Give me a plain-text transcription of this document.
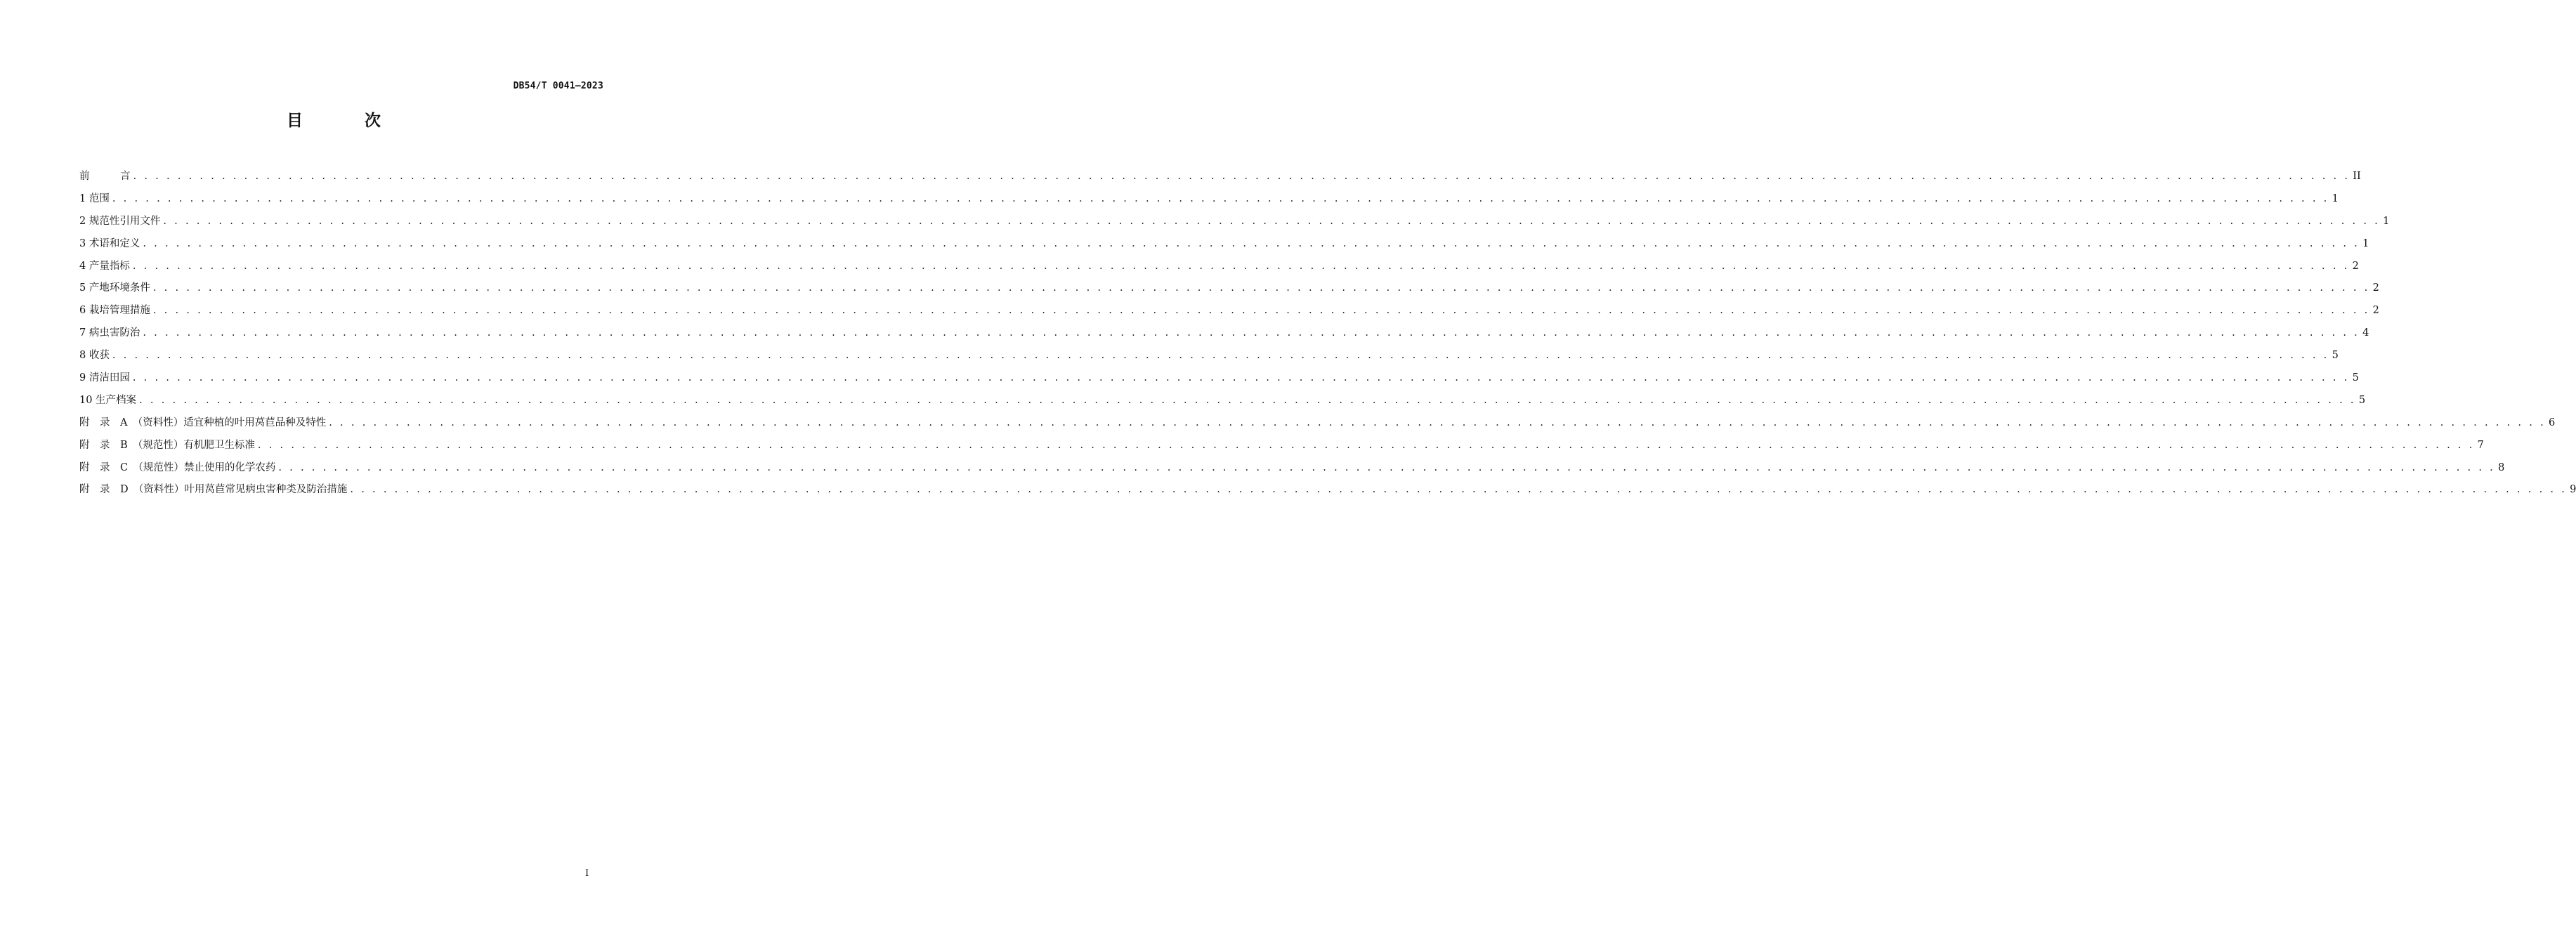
DB54/T 0041—2023
目 次
前　　　言 . . . . . . . . . . . . . . . . . . . . . . . . . . . . . . . . . . . . . . . . . . . . . . . . . . . . . . . . . . . . . . . . . . . . . . . . . . . . . . . . . . . . . . . . . . . . . . . . . . . . . . . . . . . . . . . . . . . . . . . . . . . . . . . . . . . . . . . . . . . . . . . . . . . . . . . . . . . . . . . . . . . . . . . . . . . . . . . . . . . . . . . . . . . . . . . . . . . . . . . . II
1 范围 . . . . . . . . . . . . . . . . . . . . . . . . . . . . . . . . . . . . . . . . . . . . . . . . . . . . . . . . . . . . . . . . . . . . . . . . . . . . . . . . . . . . . . . . . . . . . . . . . . . . . . . . . . . . . . . . . . . . . . . . . . . . . . . . . . . . . . . . . . . . . . . . . . . . . . . . . . . . . . . . . . . . . . . . . . . . . . . . . . . . . . . . . . . . . . . . . . . . . . . . 1
2 规范性引用文件 . . . . . . . . . . . . . . . . . . . . . . . . . . . . . . . . . . . . . . . . . . . . . . . . . . . . . . . . . . . . . . . . . . . . . . . . . . . . . . . . . . . . . . . . . . . . . . . . . . . . . . . . . . . . . . . . . . . . . . . . . . . . . . . . . . . . . . . . . . . . . . . . . . . . . . . . . . . . . . . . . . . . . . . . . . . . . . . . . . . . . . . . . . . . . . . . . . . . . . . . 1
3 术语和定义 . . . . . . . . . . . . . . . . . . . . . . . . . . . . . . . . . . . . . . . . . . . . . . . . . . . . . . . . . . . . . . . . . . . . . . . . . . . . . . . . . . . . . . . . . . . . . . . . . . . . . . . . . . . . . . . . . . . . . . . . . . . . . . . . . . . . . . . . . . . . . . . . . . . . . . . . . . . . . . . . . . . . . . . . . . . . . . . . . . . . . . . . . . . . . . . . . . . . . . . . 1
4 产量指标 . . . . . . . . . . . . . . . . . . . . . . . . . . . . . . . . . . . . . . . . . . . . . . . . . . . . . . . . . . . . . . . . . . . . . . . . . . . . . . . . . . . . . . . . . . . . . . . . . . . . . . . . . . . . . . . . . . . . . . . . . . . . . . . . . . . . . . . . . . . . . . . . . . . . . . . . . . . . . . . . . . . . . . . . . . . . . . . . . . . . . . . . . . . . . . . . . . . . . . . . 2
5 产地环境条件 . . . . . . . . . . . . . . . . . . . . . . . . . . . . . . . . . . . . . . . . . . . . . . . . . . . . . . . . . . . . . . . . . . . . . . . . . . . . . . . . . . . . . . . . . . . . . . . . . . . . . . . . . . . . . . . . . . . . . . . . . . . . . . . . . . . . . . . . . . . . . . . . . . . . . . . . . . . . . . . . . . . . . . . . . . . . . . . . . . . . . . . . . . . . . . . . . . . . . . . . 2
6 栽培管理措施 . . . . . . . . . . . . . . . . . . . . . . . . . . . . . . . . . . . . . . . . . . . . . . . . . . . . . . . . . . . . . . . . . . . . . . . . . . . . . . . . . . . . . . . . . . . . . . . . . . . . . . . . . . . . . . . . . . . . . . . . . . . . . . . . . . . . . . . . . . . . . . . . . . . . . . . . . . . . . . . . . . . . . . . . . . . . . . . . . . . . . . . . . . . . . . . . . . . . . . . . 2
7 病虫害防治 . . . . . . . . . . . . . . . . . . . . . . . . . . . . . . . . . . . . . . . . . . . . . . . . . . . . . . . . . . . . . . . . . . . . . . . . . . . . . . . . . . . . . . . . . . . . . . . . . . . . . . . . . . . . . . . . . . . . . . . . . . . . . . . . . . . . . . . . . . . . . . . . . . . . . . . . . . . . . . . . . . . . . . . . . . . . . . . . . . . . . . . . . . . . . . . . . . . . . . . . 4
8 收获 . . . . . . . . . . . . . . . . . . . . . . . . . . . . . . . . . . . . . . . . . . . . . . . . . . . . . . . . . . . . . . . . . . . . . . . . . . . . . . . . . . . . . . . . . . . . . . . . . . . . . . . . . . . . . . . . . . . . . . . . . . . . . . . . . . . . . . . . . . . . . . . . . . . . . . . . . . . . . . . . . . . . . . . . . . . . . . . . . . . . . . . . . . . . . . . . . . . . . . . . 5
9 清洁田园 . . . . . . . . . . . . . . . . . . . . . . . . . . . . . . . . . . . . . . . . . . . . . . . . . . . . . . . . . . . . . . . . . . . . . . . . . . . . . . . . . . . . . . . . . . . . . . . . . . . . . . . . . . . . . . . . . . . . . . . . . . . . . . . . . . . . . . . . . . . . . . . . . . . . . . . . . . . . . . . . . . . . . . . . . . . . . . . . . . . . . . . . . . . . . . . . . . . . . . . . 5
10 生产档案 . . . . . . . . . . . . . . . . . . . . . . . . . . . . . . . . . . . . . . . . . . . . . . . . . . . . . . . . . . . . . . . . . . . . . . . . . . . . . . . . . . . . . . . . . . . . . . . . . . . . . . . . . . . . . . . . . . . . . . . . . . . . . . . . . . . . . . . . . . . . . . . . . . . . . . . . . . . . . . . . . . . . . . . . . . . . . . . . . . . . . . . . . . . . . . . . . . . . . . . . 5
附　录　A　（资料性）适宜种植的叶用莴苣品种及特性 . . . . . . . . . . . . . . . . . . . . . . . . . . . . . . . . . . . . . . . . . . . . . . . . . . . . . . . . . . . . . . . . . . . . . . . . . . . . . . . . . . . . . . . . . . . . . . . . . . . . . . . . . . . . . . . . . . . . . . . . . . . . . . . . . . . . . . . . . . . . . . . . . . . . . . . . . . . . . . . . . . . . . . . . . . . . . . . . . . . . . . . . . . . . . . . . . . . . . . . . 6
附　录　B　（规范性）有机肥卫生标准 . . . . . . . . . . . . . . . . . . . . . . . . . . . . . . . . . . . . . . . . . . . . . . . . . . . . . . . . . . . . . . . . . . . . . . . . . . . . . . . . . . . . . . . . . . . . . . . . . . . . . . . . . . . . . . . . . . . . . . . . . . . . . . . . . . . . . . . . . . . . . . . . . . . . . . . . . . . . . . . . . . . . . . . . . . . . . . . . . . . . . . . . . . . . . . . . . . . . . . . . 7
附　录　C　（规范性）禁止使用的化学农药 . . . . . . . . . . . . . . . . . . . . . . . . . . . . . . . . . . . . . . . . . . . . . . . . . . . . . . . . . . . . . . . . . . . . . . . . . . . . . . . . . . . . . . . . . . . . . . . . . . . . . . . . . . . . . . . . . . . . . . . . . . . . . . . . . . . . . . . . . . . . . . . . . . . . . . . . . . . . . . . . . . . . . . . . . . . . . . . . . . . . . . . . . . . . . . . . . . . . . . . . 8
附　录　D　（资料性）叶用莴苣常见病虫害种类及防治措施 . . . . . . . . . . . . . . . . . . . . . . . . . . . . . . . . . . . . . . . . . . . . . . . . . . . . . . . . . . . . . . . . . . . . . . . . . . . . . . . . . . . . . . . . . . . . . . . . . . . . . . . . . . . . . . . . . . . . . . . . . . . . . . . . . . . . . . . . . . . . . . . . . . . . . . . . . . . . . . . . . . . . . . . . . . . . . . . . . . . . . . . . . . . . . . . . . . . . . . . . 9
I
